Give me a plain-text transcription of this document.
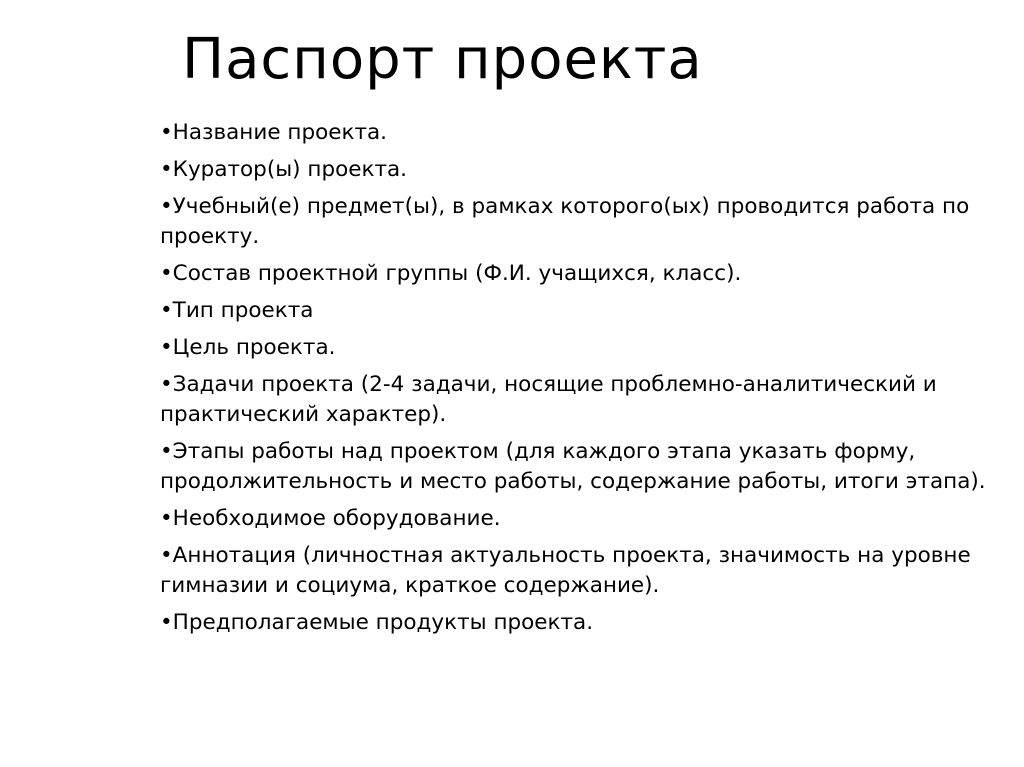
Паспорт проекта
•Название проекта.
•Куратор(ы) проекта.
•Учебный(е) предмет(ы), в рамках которого(ых) проводится работа по проекту.
•Состав проектной группы (Ф.И. учащихся, класс).
•Тип проекта
•Цель проекта.
•Задачи проекта (2-4 задачи, носящие проблемно-аналитический и практический характер).
•Этапы работы над проектом (для каждого этапа указать форму, продолжительность и место работы, содержание работы, итоги этапа).
•Необходимое оборудование.
•Аннотация (личностная актуальность проекта, значимость на уровне гимназии и социума, краткое содержание).
•Предполагаемые продукты проекта.
